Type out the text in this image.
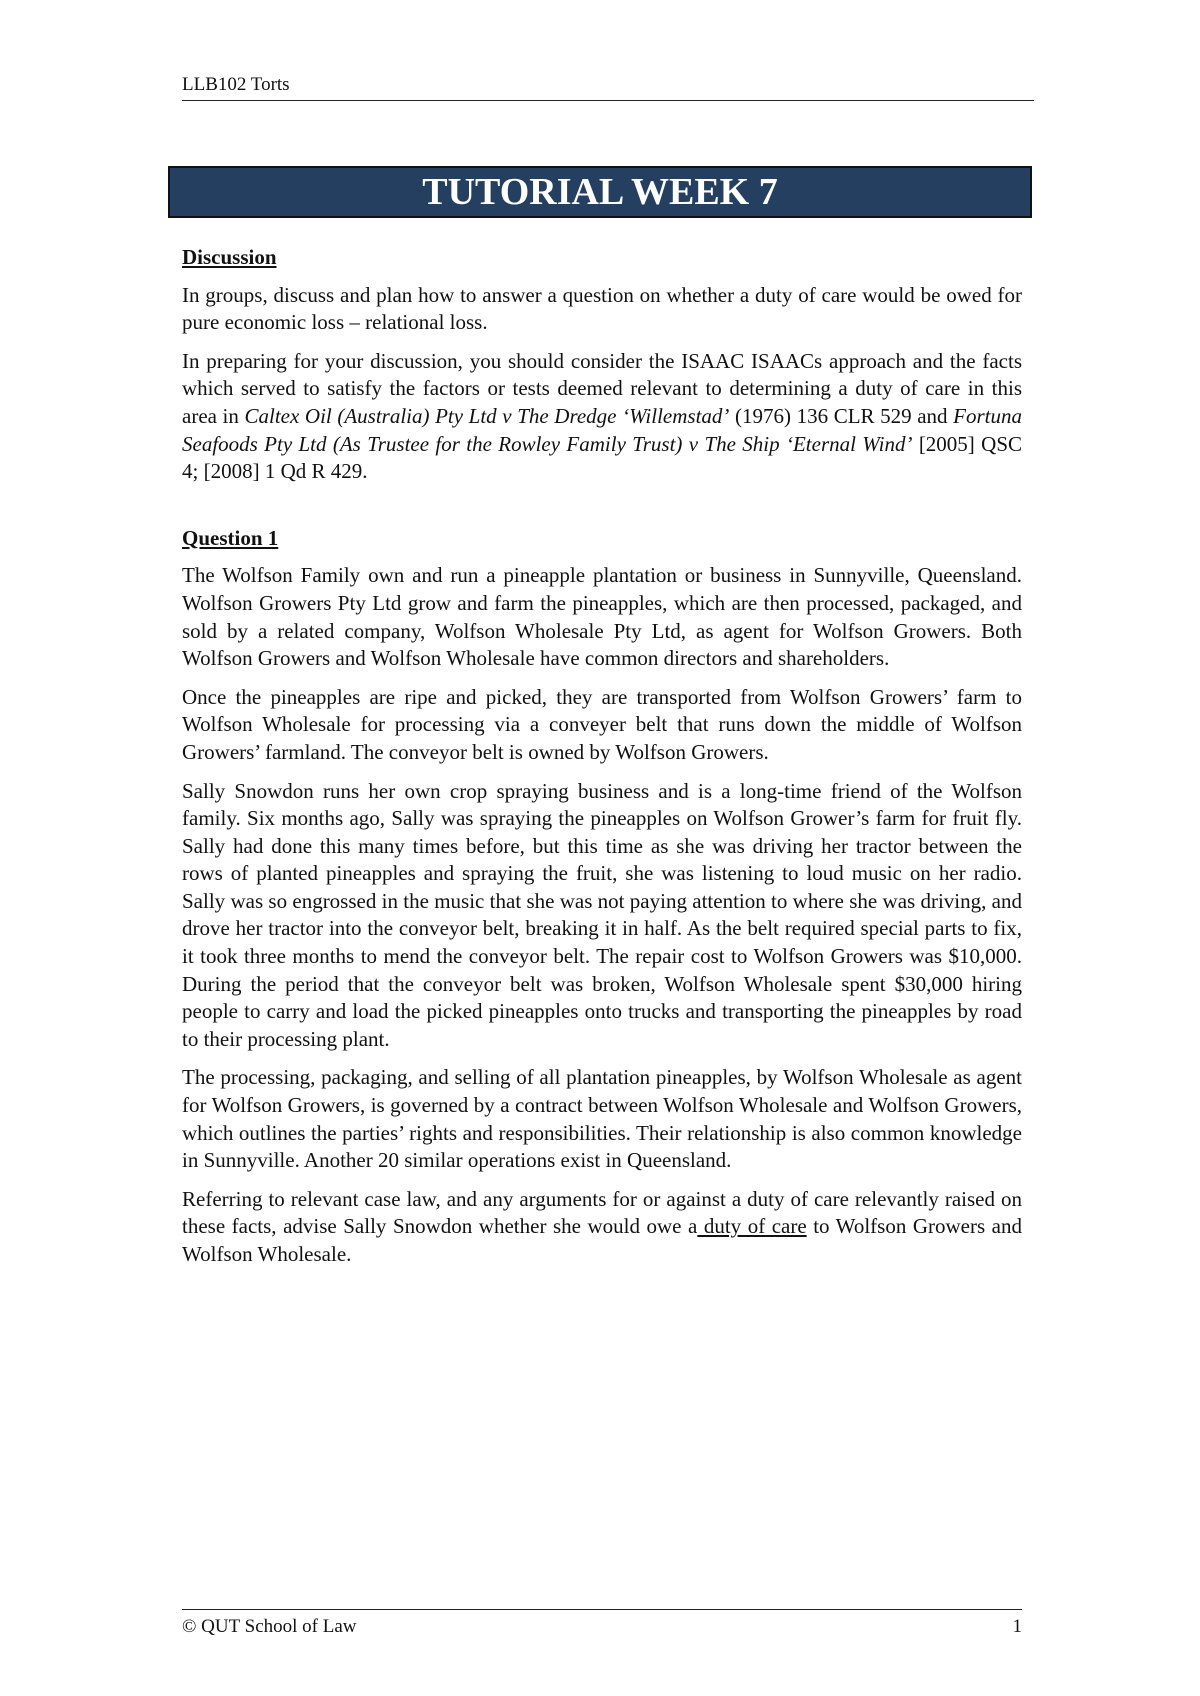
LLB102 Torts
TUTORIAL WEEK 7
Discussion

In groups, discuss and plan how to answer a question on whether a duty of care would be owed for pure economic loss – relational loss.

In preparing for your discussion, you should consider the ISAAC ISAACs approach and the facts which served to satisfy the factors or tests deemed relevant to determining a duty of care in this area in Caltex Oil (Australia) Pty Ltd v The Dredge ‘Willemstad’ (1976) 136 CLR 529 and Fortuna Seafoods Pty Ltd (As Trustee for the Rowley Family Trust) v The Ship ‘Eternal Wind’ [2005] QSC 4; [2008] 1 Qd R 429.

Question 1

The Wolfson Family own and run a pineapple plantation or business in Sunnyville, Queensland. Wolfson Growers Pty Ltd grow and farm the pineapples, which are then processed, packaged, and sold by a related company, Wolfson Wholesale Pty Ltd, as agent for Wolfson Growers. Both Wolfson Growers and Wolfson Wholesale have common directors and shareholders.

Once the pineapples are ripe and picked, they are transported from Wolfson Growers’ farm to Wolfson Wholesale for processing via a conveyer belt that runs down the middle of Wolfson Growers’ farmland. The conveyor belt is owned by Wolfson Growers.

Sally Snowdon runs her own crop spraying business and is a long-time friend of the Wolfson family. Six months ago, Sally was spraying the pineapples on Wolfson Grower’s farm for fruit fly. Sally had done this many times before, but this time as she was driving her tractor between the rows of planted pineapples and spraying the fruit, she was listening to loud music on her radio. Sally was so engrossed in the music that she was not paying attention to where she was driving, and drove her tractor into the conveyor belt, breaking it in half. As the belt required special parts to fix, it took three months to mend the conveyor belt. The repair cost to Wolfson Growers was $10,000. During the period that the conveyor belt was broken, Wolfson Wholesale spent $30,000 hiring people to carry and load the picked pineapples onto trucks and transporting the pineapples by road to their processing plant.

The processing, packaging, and selling of all plantation pineapples, by Wolfson Wholesale as agent for Wolfson Growers, is governed by a contract between Wolfson Wholesale and Wolfson Growers, which outlines the parties’ rights and responsibilities. Their relationship is also common knowledge in Sunnyville. Another 20 similar operations exist in Queensland.

Referring to relevant case law, and any arguments for or against a duty of care relevantly raised on these facts, advise Sally Snowdon whether she would owe a duty of care to Wolfson Growers and Wolfson Wholesale.

© QUT School of Law	1
